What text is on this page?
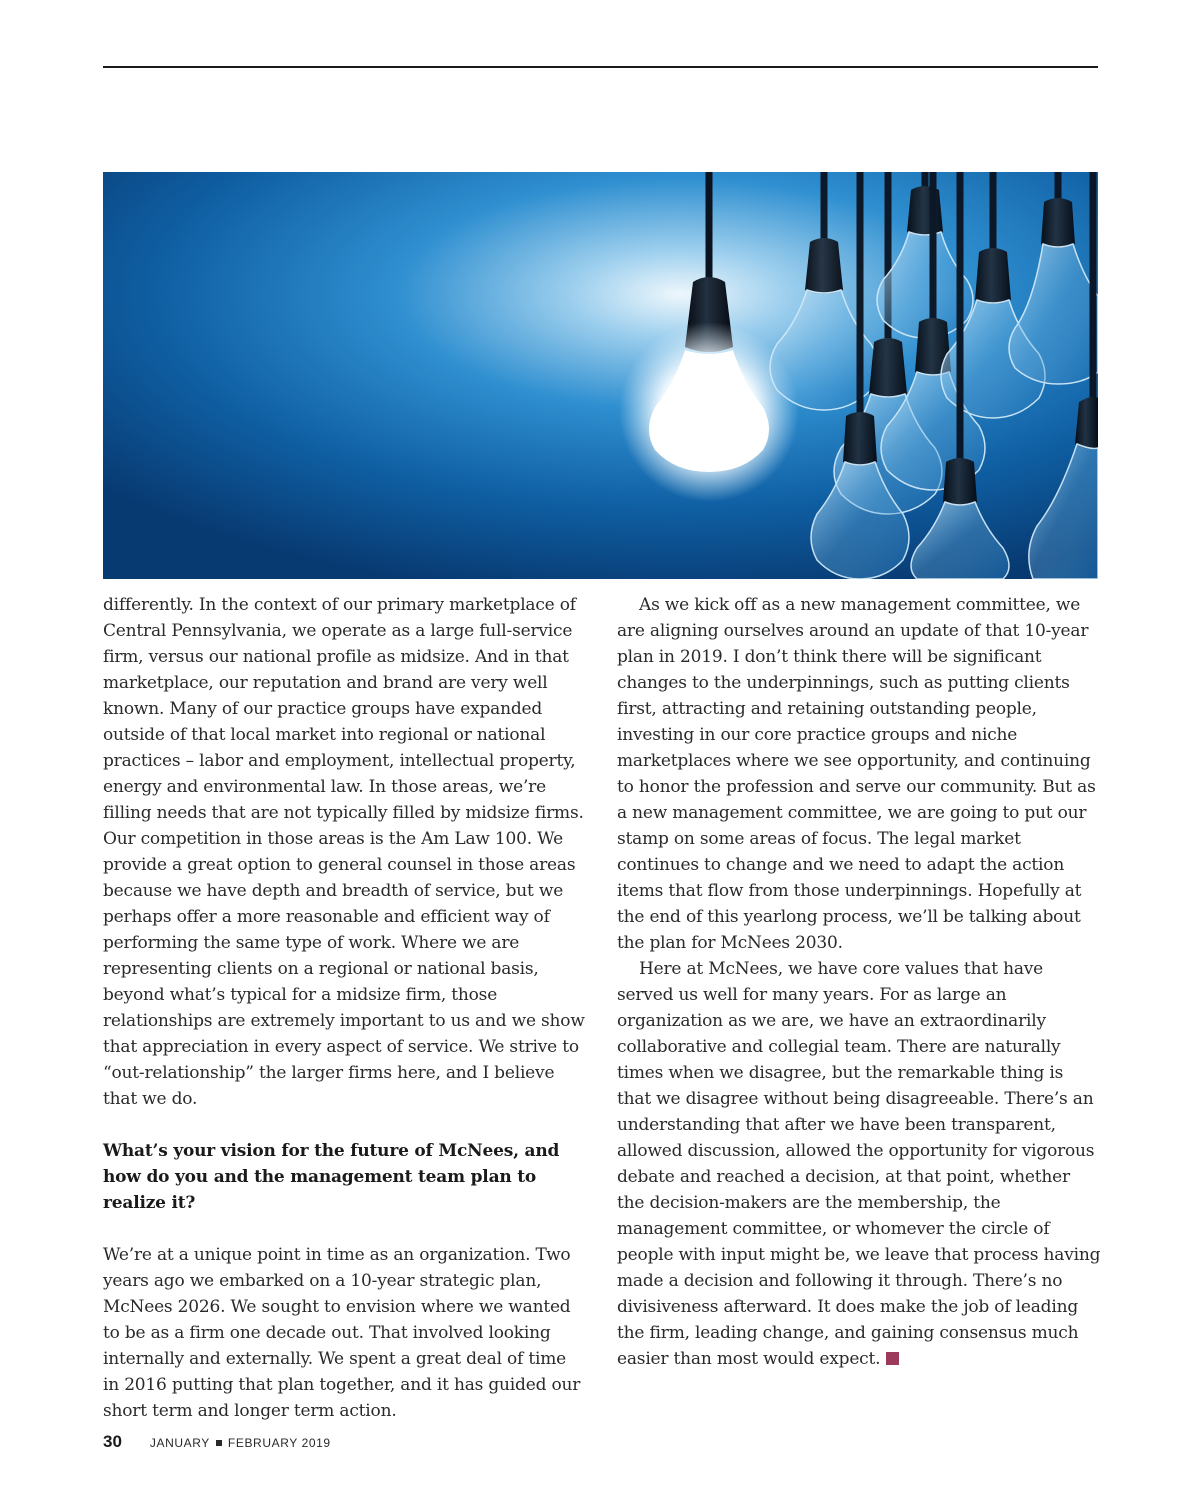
differently. In the context of our primary marketplace of Central Pennsylvania, we operate as a large full-service firm, versus our national profile as midsize. And in that marketplace, our reputation and brand are very well known. Many of our practice groups have expanded outside of that local market into regional or national practices – labor and employment, intellectual property, energy and environmental law. In those areas, we’re filling needs that are not typically filled by midsize firms. Our competition in those areas is the Am Law 100. We provide a great option to general counsel in those areas because we have depth and breadth of service, but we perhaps offer a more reasonable and efficient way of performing the same type of work. Where we are representing clients on a regional or national basis, beyond what’s typical for a midsize firm, those relationships are extremely important to us and we show that appreciation in every aspect of service. We strive to “out-relationship” the larger firms here, and I believe that we do.

What’s your vision for the future of McNees, and how do you and the management team plan to realize it?

We’re at a unique point in time as an organization. Two years ago we embarked on a 10-year strategic plan, McNees 2026. We sought to envision where we wanted to be as a firm one decade out. That involved looking internally and externally. We spent a great deal of time in 2016 putting that plan together, and it has guided our short term and longer term action.

As we kick off as a new management committee, we are aligning ourselves around an update of that 10-year plan in 2019. I don’t think there will be significant changes to the underpinnings, such as putting clients first, attracting and retaining outstanding people, investing in our core practice groups and niche marketplaces where we see opportunity, and continuing to honor the profession and serve our community. But as a new management committee, we are going to put our stamp on some areas of focus. The legal market continues to change and we need to adapt the action items that flow from those underpinnings. Hopefully at the end of this yearlong process, we’ll be talking about the plan for McNees 2030.

Here at McNees, we have core values that have served us well for many years. For as large an organization as we are, we have an extraordinarily collaborative and collegial team. There are naturally times when we disagree, but the remarkable thing is that we disagree without being disagreeable. There’s an understanding that after we have been transparent, allowed discussion, allowed the opportunity for vigorous debate and reached a decision, at that point, whether the decision-makers are the membership, the management committee, or whomever the circle of people with input might be, we leave that process having made a decision and following it through. There’s no divisiveness afterward. It does make the job of leading the firm, leading change, and gaining consensus much easier than most would expect.

30 JANUARY FEBRUARY 2019
